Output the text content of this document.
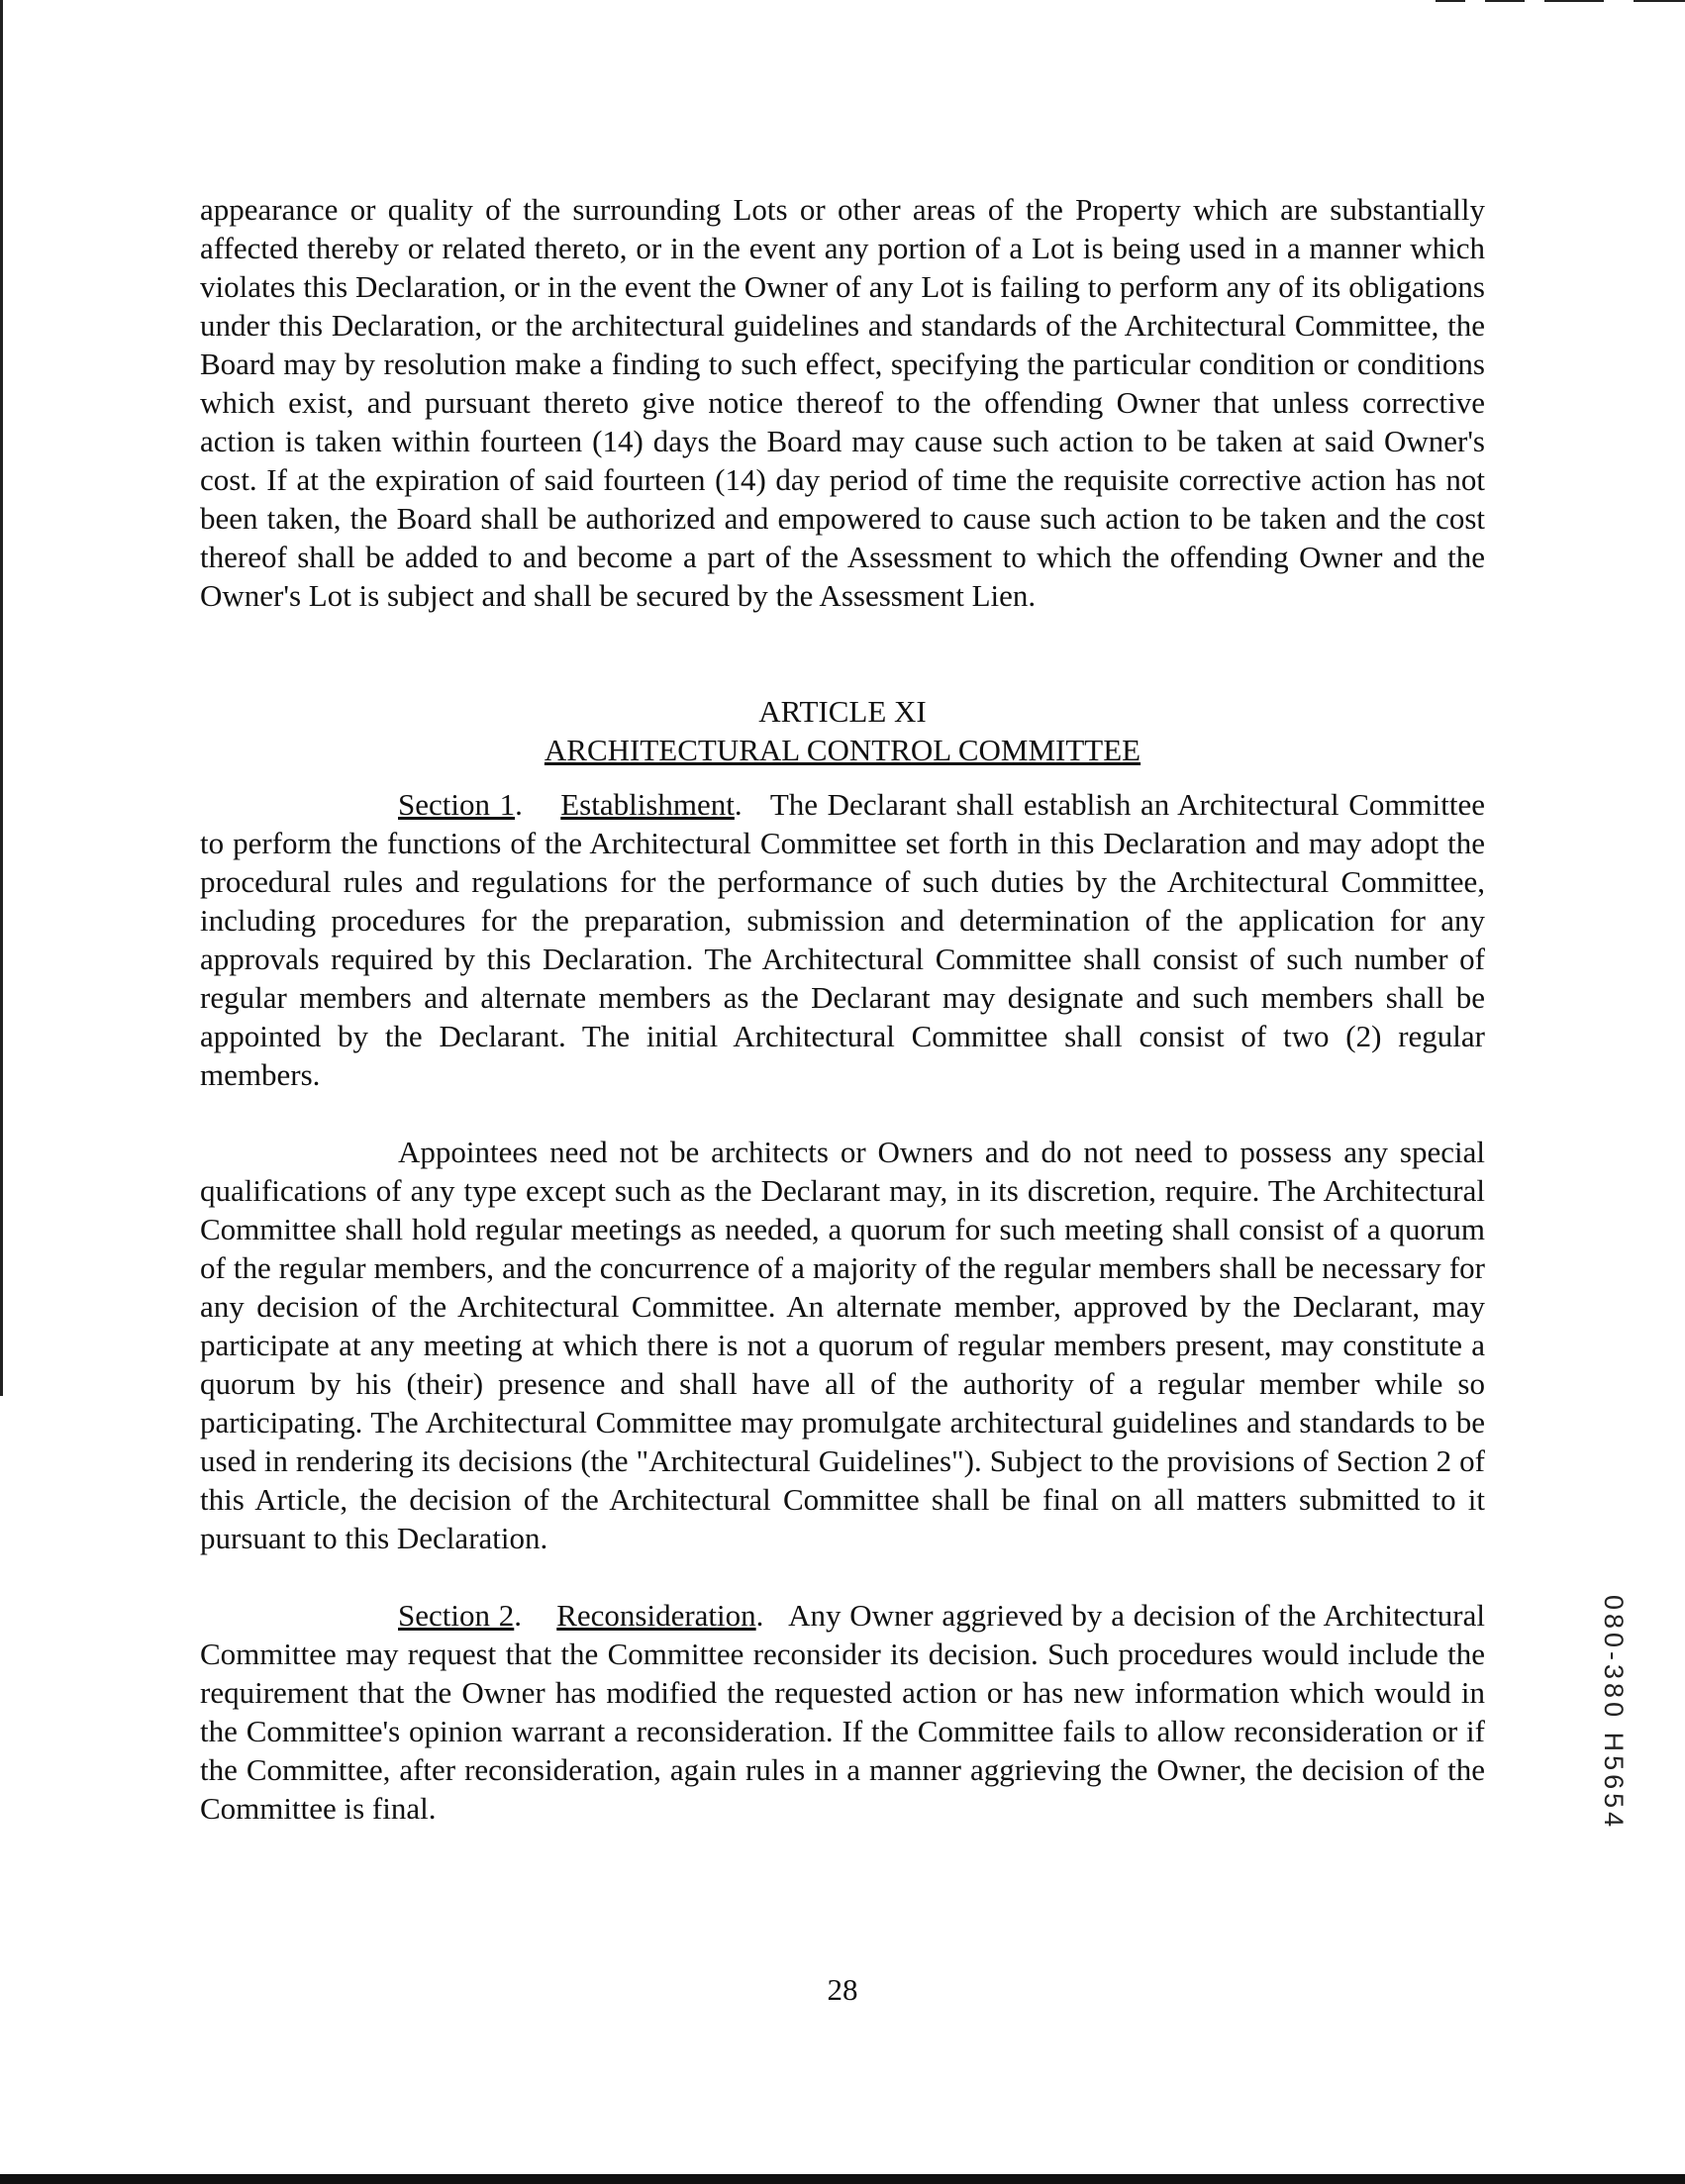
appearance or quality of the surrounding Lots or other areas of the Property which are substantially affected thereby or related thereto, or in the event any portion of a Lot is being used in a manner which violates this Declaration, or in the event the Owner of any Lot is failing to perform any of its obligations under this Declaration, or the architectural guidelines and standards of the Architectural Committee, the Board may by resolution make a finding to such effect, specifying the particular condition or conditions which exist, and pursuant thereto give notice thereof to the offending Owner that unless corrective action is taken within fourteen (14) days the Board may cause such action to be taken at said Owner's cost. If at the expiration of said fourteen (14) day period of time the requisite corrective action has not been taken, the Board shall be authorized and empowered to cause such action to be taken and the cost thereof shall be added to and become a part of the Assessment to which the offending Owner and the Owner's Lot is subject and shall be secured by the Assessment Lien.

ARTICLE XI

ARCHITECTURAL CONTROL COMMITTEE

Section 1.    Establishment.   The Declarant shall establish an Architectural Committee to perform the functions of the Architectural Committee set forth in this Declaration and may adopt the procedural rules and regulations for the performance of such duties by the Architectural Committee, including procedures for the preparation, submission and determination of the application for any approvals required by this Declaration. The Architectural Committee shall consist of such number of regular members and alternate members as the Declarant may designate and such members shall be appointed by the Declarant. The initial Architectural Committee shall consist of two (2) regular members.

Appointees need not be architects or Owners and do not need to possess any special qualifications of any type except such as the Declarant may, in its discretion, require. The Architectural Committee shall hold regular meetings as needed, a quorum for such meeting shall consist of a quorum of the regular members, and the concurrence of a majority of the regular members shall be necessary for any decision of the Architectural Committee. An alternate member, approved by the Declarant, may participate at any meeting at which there is not a quorum of regular members present, may constitute a quorum by his (their) presence and shall have all of the authority of a regular member while so participating. The Architectural Committee may promulgate architectural guidelines and standards to be used in rendering its decisions (the "Architectural Guidelines"). Subject to the provisions of Section 2 of this Article, the decision of the Architectural Committee shall be final on all matters submitted to it pursuant to this Declaration.

Section 2.    Reconsideration.   Any Owner aggrieved by a decision of the Architectural Committee may request that the Committee reconsider its decision. Such procedures would include the requirement that the Owner has modified the requested action or has new information which would in the Committee's opinion warrant a reconsideration. If the Committee fails to allow reconsideration or if the Committee, after reconsideration, again rules in a manner aggrieving the Owner, the decision of the Committee is final.

28
080-380 H5654
